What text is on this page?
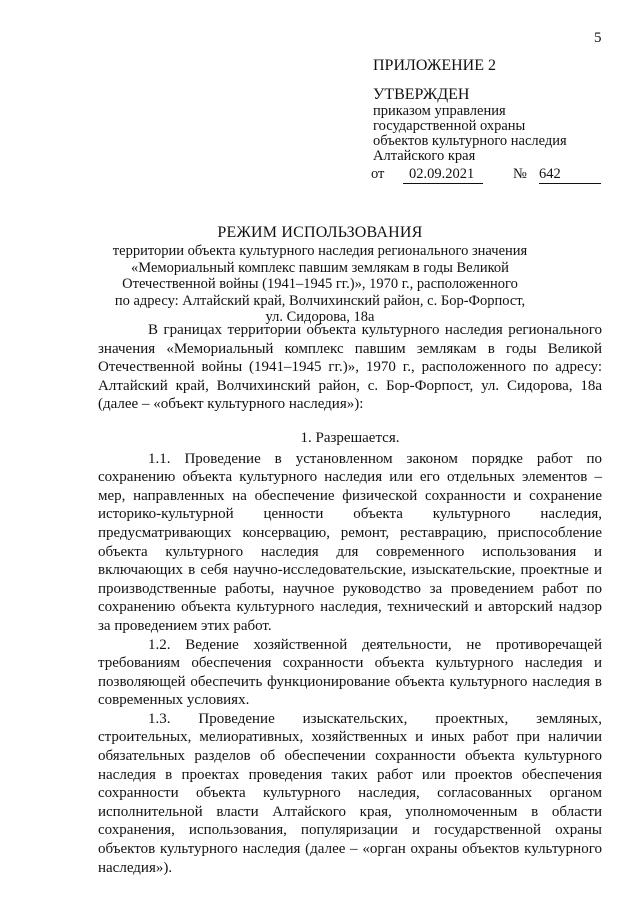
5
ПРИЛОЖЕНИЕ 2
УТВЕРЖДЕН
приказом управления
государственной охраны
объектов культурного наследия
Алтайского края
от	02.09.2021	№ 642
РЕЖИМ ИСПОЛЬЗОВАНИЯ
территории объекта культурного наследия регионального значения
«Мемориальный комплекс павшим землякам в годы Великой
Отечественной войны (1941–1945 гг.)», 1970 г., расположенного
по адресу: Алтайский край, Волчихинский район, с. Бор-Форпост,
ул. Сидорова, 18а

В границах территории объекта культурного наследия регионального значения «Мемориальный комплекс павшим землякам в годы Великой Отечественной войны (1941–1945 гг.)», 1970 г., расположенного по адресу: Алтайский край, Волчихинский район, с. Бор-Форпост, ул. Сидорова, 18а (далее – «объект культурного наследия»):

1. Разрешается.

1.1. Проведение в установленном законом порядке работ по сохранению объекта культурного наследия или его отдельных элементов – мер, направленных на обеспечение физической сохранности и сохранение историко-культурной ценности объекта культурного наследия, предусматривающих консервацию, ремонт, реставрацию, приспособление объекта культурного наследия для современного использования и включающих в себя научно-исследовательские, изыскательские, проектные и производственные работы, научное руководство за проведением работ по сохранению объекта культурного наследия, технический и авторский надзор за проведением этих работ.

1.2. Ведение хозяйственной деятельности, не противоречащей требованиям обеспечения сохранности объекта культурного наследия и позволяющей обеспечить функционирование объекта культурного наследия в современных условиях.

1.3. Проведение изыскательских, проектных, земляных, строительных, мелиоративных, хозяйственных и иных работ при наличии обязательных разделов об обеспечении сохранности объекта культурного наследия в проектах проведения таких работ или проектов обеспечения сохранности объекта культурного наследия, согласованных органом исполнительной власти Алтайского края, уполномоченным в области сохранения, использования, популяризации и государственной охраны объектов культурного наследия (далее – «орган охраны объектов культурного наследия»).
